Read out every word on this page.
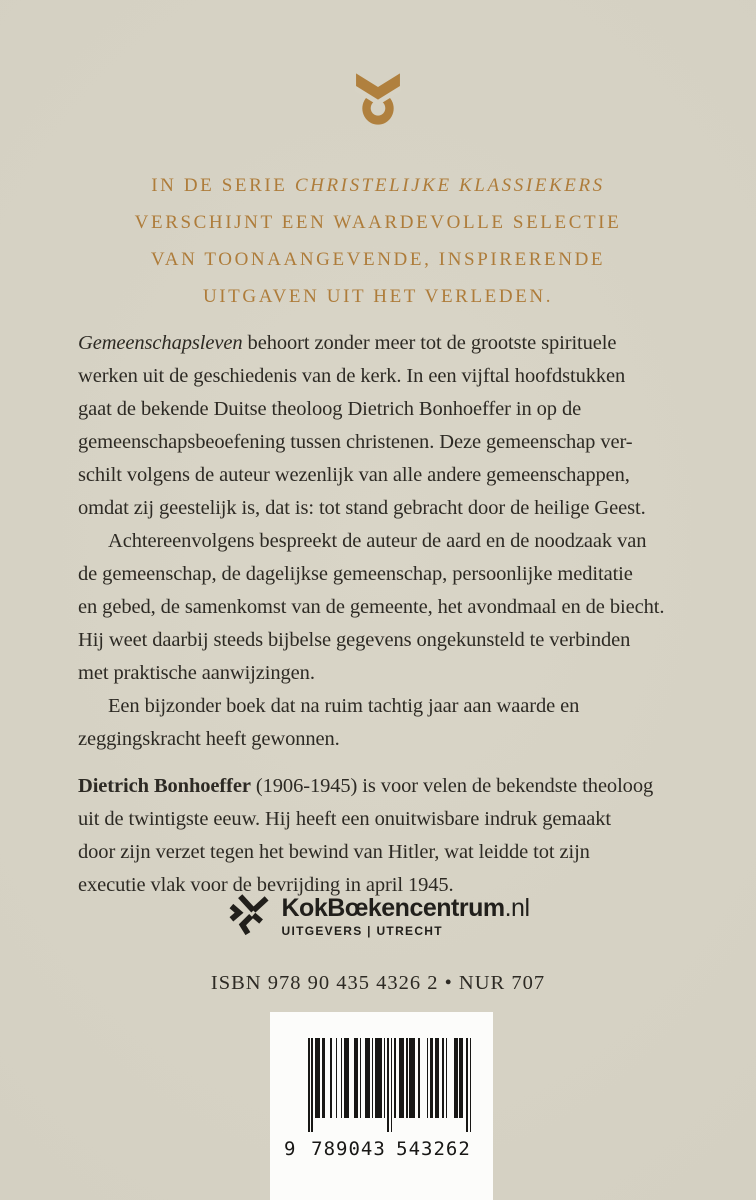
IN DE SERIE CHRISTELIJKE KLASSIEKERS
VERSCHIJNT EEN WAARDEVOLLE SELECTIE
VAN TOONAANGEVENDE, INSPIRERENDE
UITGAVEN UIT HET VERLEDEN.
Gemeenschapsleven behoort zonder meer tot de grootste spirituele
werken uit de geschiedenis van de kerk. In een vijftal hoofdstukken
gaat de bekende Duitse theoloog Dietrich Bonhoeffer in op de
gemeenschapsbeoefening tussen christenen. Deze gemeenschap ver-
schilt volgens de auteur wezenlijk van alle andere gemeenschappen,
omdat zij geestelijk is, dat is: tot stand gebracht door de heilige Geest.
Achtereenvolgens bespreekt de auteur de aard en de noodzaak van
de gemeenschap, de dagelijkse gemeenschap, persoonlijke meditatie
en gebed, de samenkomst van de gemeente, het avondmaal en de biecht.
Hij weet daarbij steeds bijbelse gegevens ongekunsteld te verbinden
met praktische aanwijzingen.
Een bijzonder boek dat na ruim tachtig jaar aan waarde en
zeggingskracht heeft gewonnen.
Dietrich Bonhoeffer (1906-1945) is voor velen de bekendste theoloog
uit de twintigste eeuw. Hij heeft een onuitwisbare indruk gemaakt
door zijn verzet tegen het bewind van Hitler, wat leidde tot zijn
executie vlak voor de bevrijding in april 1945.
KokBœkencentrum.nl
UITGEVERS | UTRECHT
ISBN 978 90 435 4326 2 • NUR 707
9 789043 543262
